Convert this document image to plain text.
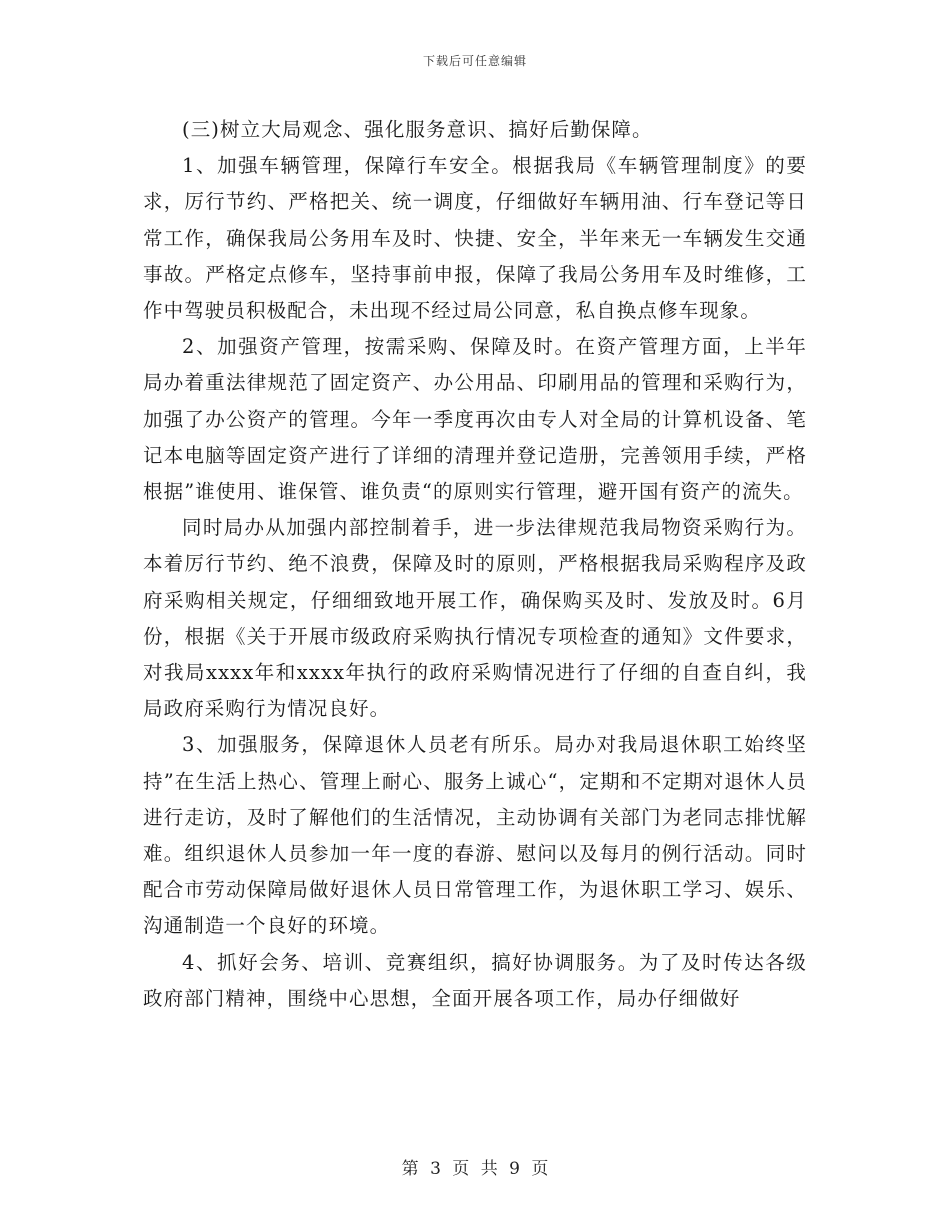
下载后可任意编辑

(三)树立大局观念、强化服务意识、搞好后勤保障。

1、加强车辆管理，保障行车安全。根据我局《车辆管理制度》的要求，厉行节约、严格把关、统一调度，仔细做好车辆用油、行车登记等日常工作，确保我局公务用车及时、快捷、安全，半年来无一车辆发生交通事故。严格定点修车，坚持事前申报，保障了我局公务用车及时维修，工作中驾驶员积极配合，未出现不经过局公同意，私自换点修车现象。

2、加强资产管理，按需采购、保障及时。在资产管理方面，上半年局办着重法律规范了固定资产、办公用品、印刷用品的管理和采购行为，加强了办公资产的管理。今年一季度再次由专人对全局的计算机设备、笔记本电脑等固定资产进行了详细的清理并登记造册，完善领用手续，严格根据”谁使用、谁保管、谁负责“的原则实行管理，避开国有资产的流失。

同时局办从加强内部控制着手，进一步法律规范我局物资采购行为。本着厉行节约、绝不浪费，保障及时的原则，严格根据我局采购程序及政府采购相关规定，仔细细致地开展工作，确保购买及时、发放及时。6月份，根据《关于开展市级政府采购执行情况专项检查的通知》文件要求，对我局xxxx年和xxxx年执行的政府采购情况进行了仔细的自查自纠，我局政府采购行为情况良好。

3、加强服务，保障退休人员老有所乐。局办对我局退休职工始终坚持”在生活上热心、管理上耐心、服务上诚心“，定期和不定期对退休人员进行走访，及时了解他们的生活情况，主动协调有关部门为老同志排忧解难。组织退休人员参加一年一度的春游、慰问以及每月的例行活动。同时配合市劳动保障局做好退休人员日常管理工作，为退休职工学习、娱乐、沟通制造一个良好的环境。

4、抓好会务、培训、竞赛组织，搞好协调服务。为了及时传达各级政府部门精神，围绕中心思想，全面开展各项工作，局办仔细做好

第 3 页 共 9 页
